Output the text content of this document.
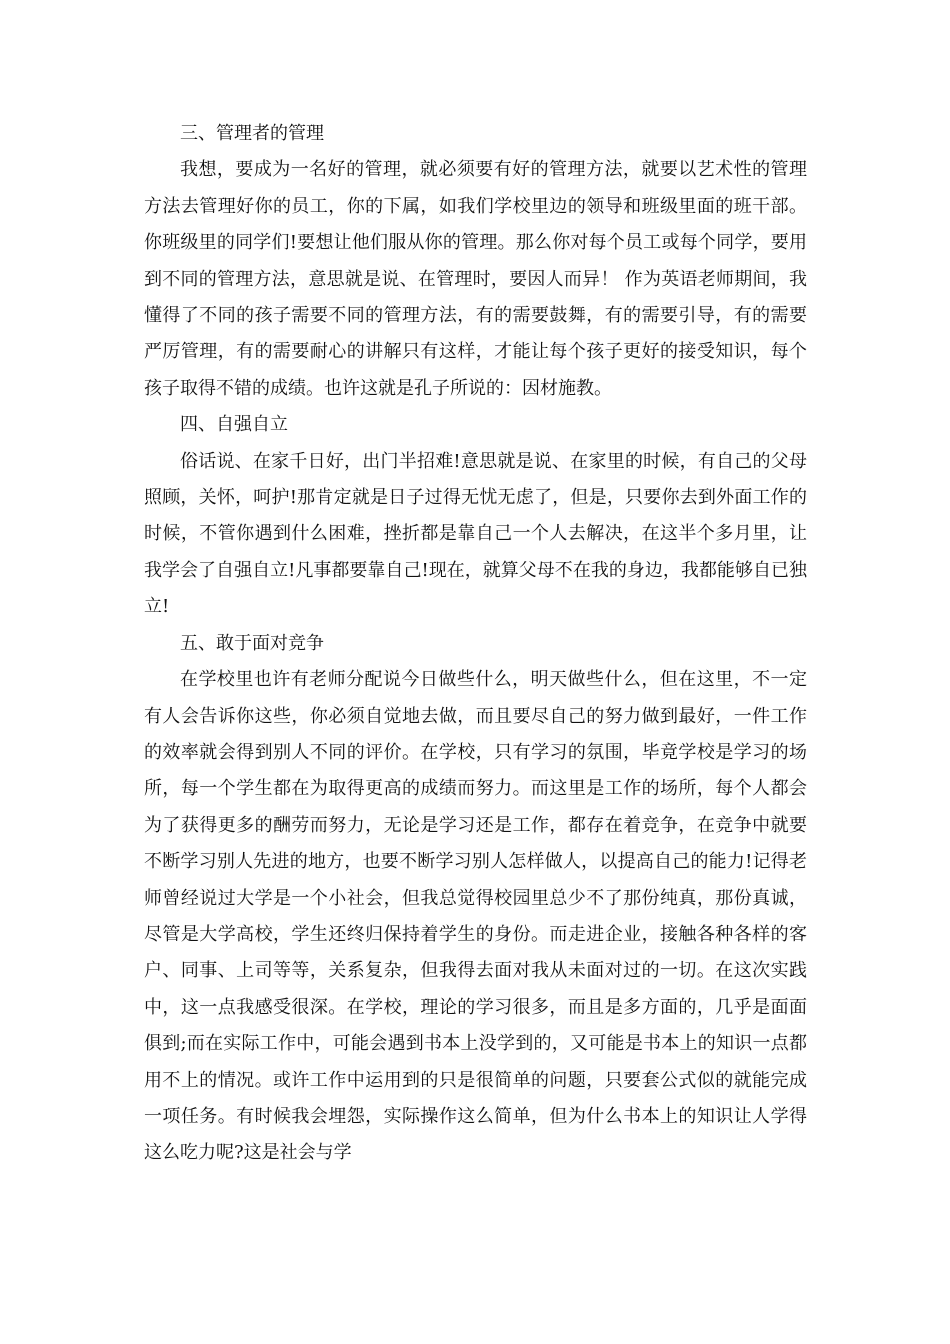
三、管理者的管理

我想，要成为一名好的管理，就必须要有好的管理方法，就要以艺术性的管理方法去管理好你的员工，你的下属，如我们学校里边的领导和班级里面的班干部。你班级里的同学们!要想让他们服从你的管理。那么你对每个员工或每个同学，要用到不同的管理方法，意思就是说、在管理时，要因人而异！ 作为英语老师期间，我懂得了不同的孩子需要不同的管理方法，有的需要鼓舞，有的需要引导，有的需要严厉管理，有的需要耐心的讲解只有这样，才能让每个孩子更好的接受知识，每个孩子取得不错的成绩。也许这就是孔子所说的：因材施教。

四、自强自立

俗话说、在家千日好，出门半招难!意思就是说、在家里的时候，有自己的父母照顾，关怀，呵护!那肯定就是日子过得无忧无虑了，但是，只要你去到外面工作的时候，不管你遇到什么困难，挫折都是靠自己一个人去解决，在这半个多月里，让我学会了自强自立!凡事都要靠自己!现在，就算父母不在我的身边，我都能够自已独立!

五、敢于面对竞争

在学校里也许有老师分配说今日做些什么，明天做些什么，但在这里，不一定有人会告诉你这些，你必须自觉地去做，而且要尽自己的努力做到最好，一件工作的效率就会得到别人不同的评价。在学校，只有学习的氛围，毕竟学校是学习的场所，每一个学生都在为取得更高的成绩而努力。而这里是工作的场所，每个人都会为了获得更多的酬劳而努力，无论是学习还是工作，都存在着竞争，在竞争中就要不断学习别人先进的地方，也要不断学习别人怎样做人，以提高自己的能力!记得老师曾经说过大学是一个小社会，但我总觉得校园里总少不了那份纯真，那份真诚，尽管是大学高校，学生还终归保持着学生的身份。而走进企业，接触各种各样的客户、同事、上司等等，关系复杂，但我得去面对我从未面对过的一切。在这次实践中，这一点我感受很深。在学校，理论的学习很多，而且是多方面的，几乎是面面俱到;而在实际工作中，可能会遇到书本上没学到的，又可能是书本上的知识一点都用不上的情况。或许工作中运用到的只是很简单的问题，只要套公式似的就能完成一项任务。有时候我会埋怨，实际操作这么简单，但为什么书本上的知识让人学得这么吃力呢?这是社会与学
